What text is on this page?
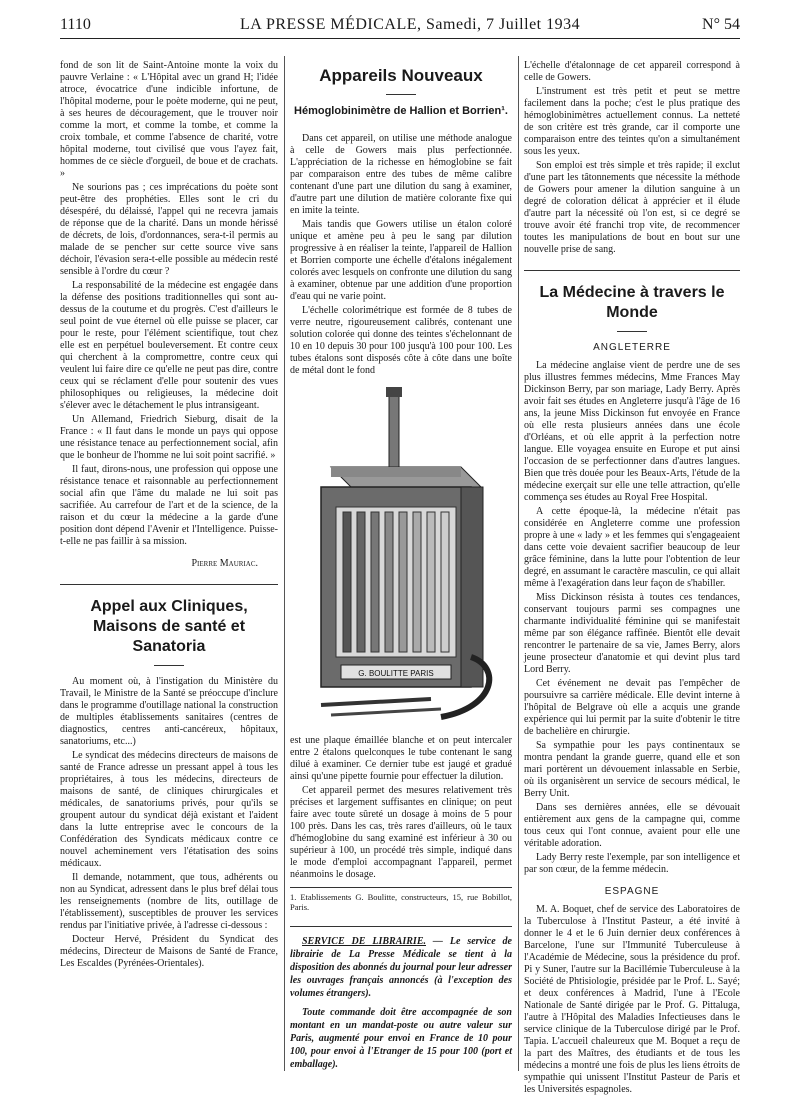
1110	LA PRESSE MÉDICALE, Samedi, 7 Juillet 1934	N° 54

fond de son lit de Saint-Antoine monte la voix du pauvre Verlaine : « L'Hôpital avec un grand H; l'idée atroce, évocatrice d'une indicible infortune, de l'hôpital moderne, pour le poète moderne, qui ne peut, à ses heures de découragement, que le trouver noir comme la mort, et comme la tombe, et comme la croix tombale, et comme l'absence de charité, votre hôpital moderne, tout civilisé que vous l'ayez fait, hommes de ce siècle d'orgueil, de boue et de crachats. »

Ne sourions pas ; ces imprécations du poète sont peut-être des prophéties. Elles sont le cri du désespéré, du délaissé, l'appel qui ne recevra jamais de réponse que de la charité. Dans un monde hérissé de décrets, de lois, d'ordonnances, sera-t-il permis au malade de se pencher sur cette source vive sans déchoir, l'évasion sera-t-elle possible au médecin resté sensible à l'ordre du cœur ?

La responsabilité de la médecine est engagée dans la défense des positions traditionnelles qui sont au-dessus de la coutume et du progrès. C'est d'ailleurs le seul point de vue éternel où elle puisse se placer, car pour le reste, pour l'élément scientifique, tout chez elle est en perpétuel bouleversement. Et contre ceux qui cherchent à la compromettre, contre ceux qui veulent lui faire dire ce qu'elle ne peut pas dire, contre ceux qui se réclament d'elle pour soutenir des vues philosophiques ou religieuses, la médecine doit s'élever avec le détachement le plus intransigeant.

Un Allemand, Friedrich Sieburg, disait de la France : « Il faut dans le monde un pays qui oppose une résistance tenace au perfectionnement social, afin que le bonheur de l'homme ne lui soit point sacrifié. »

Il faut, dirons-nous, une profession qui oppose une résistance tenace et raisonnable au perfectionnement social afin que l'âme du malade ne lui soit pas sacrifiée. Au carrefour de l'art et de la science, de la raison et du cœur la médecine a la garde d'une position dont dépend l'Avenir et l'Intelligence. Puisse-t-elle ne pas faillir à sa mission.

Pierre Mauriac.

Appel aux Cliniques, Maisons de santé et Sanatoria

Au moment où, à l'instigation du Ministère du Travail, le Ministre de la Santé se préoccupe d'inclure dans le programme d'outillage national la construction de multiples établissements sanitaires (centres de diagnostics, centres anti-cancéreux, hôpitaux, sanatoriums, etc...)

Le syndicat des médecins directeurs de maisons de santé de France adresse un pressant appel à tous les propriétaires, à tous les médecins, directeurs de maisons de santé, de cliniques chirurgicales et médicales, de sanatoriums privés, pour qu'ils se groupent autour du syndicat déjà existant et l'aident dans la lutte entreprise avec le concours de la Confédération des Syndicats médicaux contre ce nouvel acheminement vers l'étatisation des soins médicaux.

Il demande, notamment, que tous, adhérents ou non au Syndicat, adressent dans le plus bref délai tous les renseignements (nombre de lits, outillage de l'établissement), susceptibles de prouver les services rendus par l'initiative privée, à l'adresse ci-dessous :

Docteur Hervé, Président du Syndicat des médecins, Directeur de Maisons de Santé de France, Les Escaldes (Pyrénées-Orientales).

Appareils Nouveaux
Hémoglobinimètre de Hallion et Borrien¹.

Dans cet appareil, on utilise une méthode analogue à celle de Gowers mais plus perfectionnée. L'appréciation de la richesse en hémoglobine se fait par comparaison entre des tubes de même calibre contenant d'une part une dilution du sang à examiner, d'autre part une dilution de matière colorante fixe qui en imite la teinte.

Mais tandis que Gowers utilise un étalon coloré unique et amène peu à peu le sang par dilution progressive à en réaliser la teinte, l'appareil de Hallion et Borrien comporte une échelle d'étalons inégalement colorés avec lesquels on confronte une dilution du sang à examiner, obtenue par une addition d'une proportion d'eau qui ne varie point.

L'échelle colorimétrique est formée de 8 tubes de verre neutre, rigoureusement calibrés, contenant une solution colorée qui donne des teintes s'échelonnant de 10 en 10 depuis 30 pour 100 jusqu'à 100 pour 100. Les tubes étalons sont disposés côte à côte dans une boîte de métal dont le fond

G. BOULITTE PARIS

est une plaque émaillée blanche et on peut intercaler entre 2 étalons quelconques le tube contenant le sang dilué à examiner. Ce dernier tube est jaugé et gradué ainsi qu'une pipette fournie pour effectuer la dilution.

Cet appareil permet des mesures relativement très précises et largement suffisantes en clinique; on peut faire avec toute sûreté un dosage à moins de 5 pour 100 près. Dans les cas, très rares d'ailleurs, où le taux d'hémoglobine du sang examiné est inférieur à 30 ou supérieur à 100, un procédé très simple, indiqué dans le mode d'emploi accompagnant l'appareil, permet néanmoins le dosage.

1. Etablissements G. Boulitte, constructeurs, 15, rue Bobillot, Paris.

SERVICE DE LIBRAIRIE. — Le service de librairie de La Presse Médicale se tient à la disposition des abonnés du journal pour leur adresser les ouvrages français annoncés (à l'exception des volumes étrangers).

Toute commande doit être accompagnée de son montant en un mandat-poste ou autre valeur sur Paris, augmenté pour envoi en France de 10 pour 100, pour envoi à l'Etranger de 15 pour 100 (port et emballage).

L'échelle d'étalonnage de cet appareil correspond à celle de Gowers.

L'instrument est très petit et peut se mettre facilement dans la poche; c'est le plus pratique des hémoglobinimètres actuellement connus. La netteté de son critère est très grande, car il comporte une comparaison entre des teintes qu'on a simultanément sous les yeux.

Son emploi est très simple et très rapide; il exclut d'une part les tâtonnements que nécessite la méthode de Gowers pour amener la dilution sanguine à un degré de coloration délicat à apprécier et il élude d'autre part la nécessité où l'on est, si ce degré se trouve avoir été franchi trop vite, de recommencer toutes les manipulations de bout en bout sur une nouvelle prise de sang.

La Médecine à travers le Monde
ANGLETERRE

La médecine anglaise vient de perdre une de ses plus illustres femmes médecins, Mme Frances May Dickinson Berry, par son mariage, Lady Berry. Après avoir fait ses études en Angleterre jusqu'à l'âge de 16 ans, la jeune Miss Dickinson fut envoyée en France où elle resta plusieurs années dans une école d'Orléans, et où elle apprit à la perfection notre langue. Elle voyagea ensuite en Europe et put ainsi l'occasion de se perfectionner dans d'autres langues. Bien que très douée pour les Beaux-Arts, l'étude de la médecine exerçait sur elle une telle attraction, qu'elle commença ses études au Royal Free Hospital.

A cette époque-là, la médecine n'était pas considérée en Angleterre comme une profession propre à une « lady » et les femmes qui s'engageaient dans cette voie devaient sacrifier beaucoup de leur grâce féminine, dans la lutte pour l'obtention de leur degré, en assumant le caractère masculin, ce qui allait même à l'exagération dans leur façon de s'habiller.

Miss Dickinson résista à toutes ces tendances, conservant toujours parmi ses compagnes une charmante individualité féminine qui se manifestait même par son élégance raffinée. Bientôt elle devait rencontrer le partenaire de sa vie, James Berry, alors jeune prosecteur d'anatomie et qui devint plus tard Lord Berry.

Cet événement ne devait pas l'empêcher de poursuivre sa carrière médicale. Elle devint interne à l'hôpital de Belgrave où elle a acquis une grande expérience qui lui permit par la suite d'obtenir le titre de bachelière en chirurgie.

Sa sympathie pour les pays continentaux se montra pendant la grande guerre, quand elle et son mari portèrent un dévouement inlassable en Serbie, où ils organisèrent un service de secours médical, le Berry Unit.

Dans ses dernières années, elle se dévouait entièrement aux gens de la campagne qui, comme tous ceux qui l'ont connue, avaient pour elle une véritable adoration.

Lady Berry reste l'exemple, par son intelligence et par son cœur, de la femme médecin.

ESPAGNE

M. A. Boquet, chef de service des Laboratoires de la Tuberculose à l'Institut Pasteur, a été invité à donner le 4 et le 6 Juin dernier deux conférences à Barcelone, l'une sur l'Immunité Tuberculeuse à l'Académie de Médecine, sous la présidence du prof. Pi y Suner, l'autre sur la Bacillémie Tuberculeuse à la Société de Phtisiologie, présidée par le Prof. L. Sayé; et deux conférences à Madrid, l'une à l'Ecole Nationale de Santé dirigée par le Prof. G. Pittaluga, l'autre à l'Hôpital des Maladies Infectieuses dans le service clinique de la Tuberculose dirigé par le Prof. Tapia. L'accueil chaleureux que M. Boquet a reçu de la part des Maîtres, des étudiants et de tous les médecins a montré une fois de plus les liens étroits de sympathie qui unissent l'Institut Pasteur de Paris et les Universités espagnoles.
